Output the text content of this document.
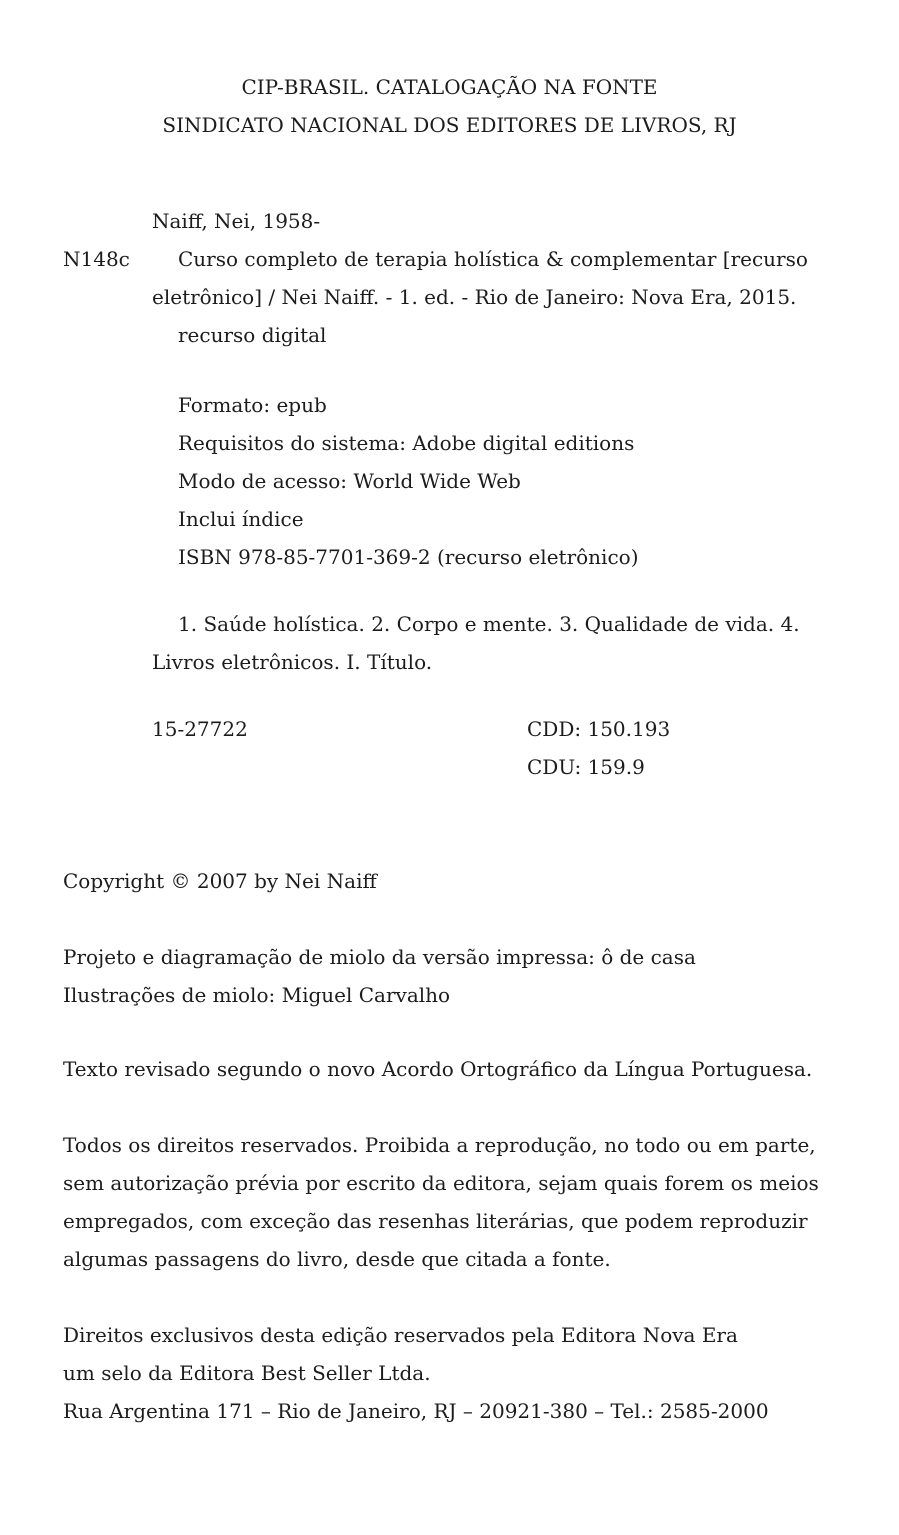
CIP-BRASIL. CATALOGAÇÃO NA FONTE
SINDICATO NACIONAL DOS EDITORES DE LIVROS, RJ
Naiff, Nei, 1958-
N148c Curso completo de terapia holística & complementar [recurso
eletrônico] / Nei Naiff. - 1. ed. - Rio de Janeiro: Nova Era, 2015.
recurso digital
Formato: epub
Requisitos do sistema: Adobe digital editions
Modo de acesso: World Wide Web
Inclui índice
ISBN 978-85-7701-369-2 (recurso eletrônico)
1. Saúde holística. 2. Corpo e mente. 3. Qualidade de vida. 4.
Livros eletrônicos. I. Título.
15-27722	CDD: 150.193
CDU: 159.9
Copyright © 2007 by Nei Naiff
Projeto e diagramação de miolo da versão impressa: ô de casa
Ilustrações de miolo: Miguel Carvalho
Texto revisado segundo o novo Acordo Ortográfico da Língua Portuguesa.
Todos os direitos reservados. Proibida a reprodução, no todo ou em parte,
sem autorização prévia por escrito da editora, sejam quais forem os meios
empregados, com exceção das resenhas literárias, que podem reproduzir
algumas passagens do livro, desde que citada a fonte.
Direitos exclusivos desta edição reservados pela Editora Nova Era
um selo da Editora Best Seller Ltda.
Rua Argentina 171 – Rio de Janeiro, RJ – 20921-380 – Tel.: 2585-2000
